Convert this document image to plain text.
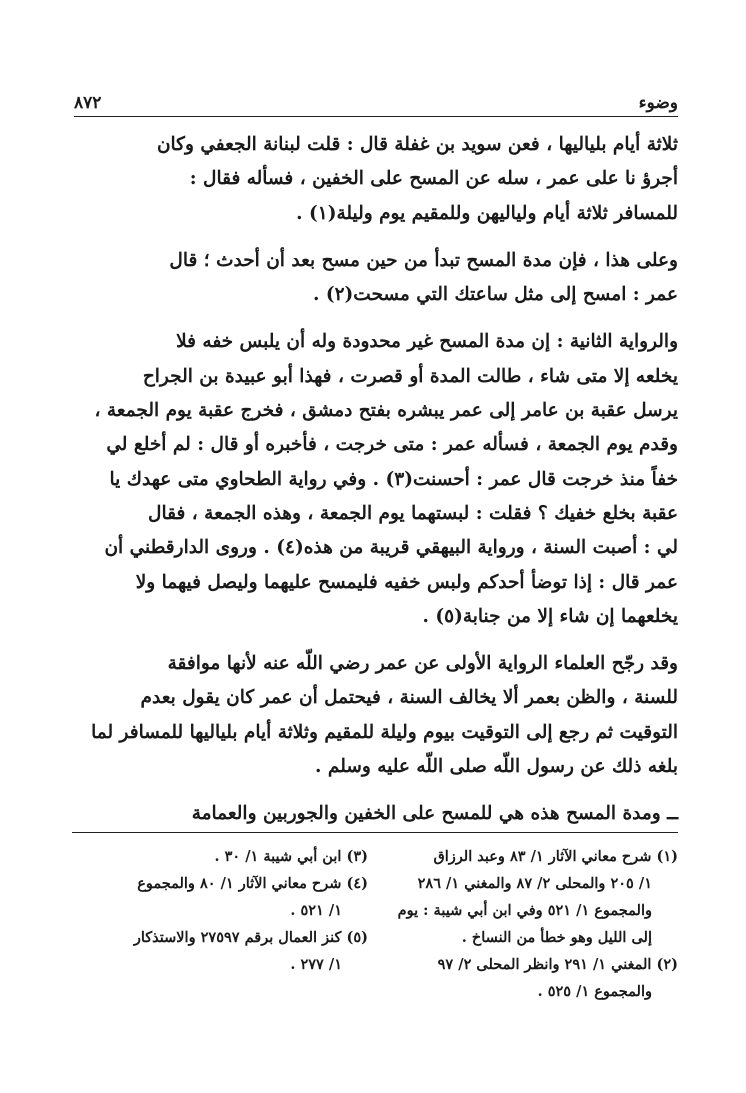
وضوء
٨٧٢

ثلاثة أيام بلياليها ، فعن سويد بن غفلة قال : قلت لبنانة الجعفي وكان
أجرؤ نا على عمر ، سله عن المسح على الخفين ، فسأله فقال :
للمسافر ثلاثة أيام ولياليهن وللمقيم يوم وليلة(١) .

وعلى هذا ، فإن مدة المسح تبدأ من حين مسح بعد أن أحدث ؛ قال
عمر : امسح إلى مثل ساعتك التي مسحت(٢) .

والرواية الثانية : إن مدة المسح غير محدودة وله أن يلبس خفه فلا
يخلعه إلا متى شاء ، طالت المدة أو قصرت ، فهذا أبو عبيدة بن الجراح
يرسل عقبة بن عامر إلى عمر يبشره بفتح دمشق ، فخرج عقبة يوم الجمعة ،
وقدم يوم الجمعة ، فسأله عمر : متى خرجت ، فأخبره أو قال : لم أخلع لي
خفاً منذ خرجت قال عمر : أحسنت(٣) . وفي رواية الطحاوي متى عهدك يا
عقبة بخلع خفيك ؟ فقلت : لبستهما يوم الجمعة ، وهذه الجمعة ، فقال
لي : أصبت السنة ، ورواية البيهقي قريبة من هذه(٤) . وروى الدارقطني أن
عمر قال : إذا توضأ أحدكم ولبس خفيه فليمسح عليهما وليصل فيهما ولا
يخلعهما إن شاء إلا من جنابة(٥) .

وقد رجّح العلماء الرواية الأولى عن عمر رضي اللّه عنه لأنها موافقة
للسنة ، والظن بعمر ألا يخالف السنة ، فيحتمل أن عمر كان يقول بعدم
التوقيت ثم رجع إلى التوقيت بيوم وليلة للمقيم وثلاثة أيام بلياليها للمسافر لما
بلغه ذلك عن رسول اللّه صلى اللّه عليه وسلم .

ــ ومدة المسح هذه هي للمسح على الخفين والجوربين والعمامة

(١) شرح معاني الآثار ١/ ٨٣ وعبد الرزاق
١/ ٢٠٥ والمحلى ٢/ ٨٧ والمغني ١/ ٢٨٦
والمجموع ١/ ٥٢١ وفي ابن أبي شيبة : يوم
إلى الليل وهو خطأ من النساخ .
(٢) المغني ١/ ٢٩١ وانظر المحلى ٢/ ٩٧
والمجموع ١/ ٥٢٥ .
(٣) ابن أبي شيبة ١/ ٣٠ .
(٤) شرح معاني الآثار ١/ ٨٠ والمجموع
١/ ٥٢١ .
(٥) كنز العمال برقم ٢٧٥٩٧ والاستذكار
١/ ٢٧٧ .
